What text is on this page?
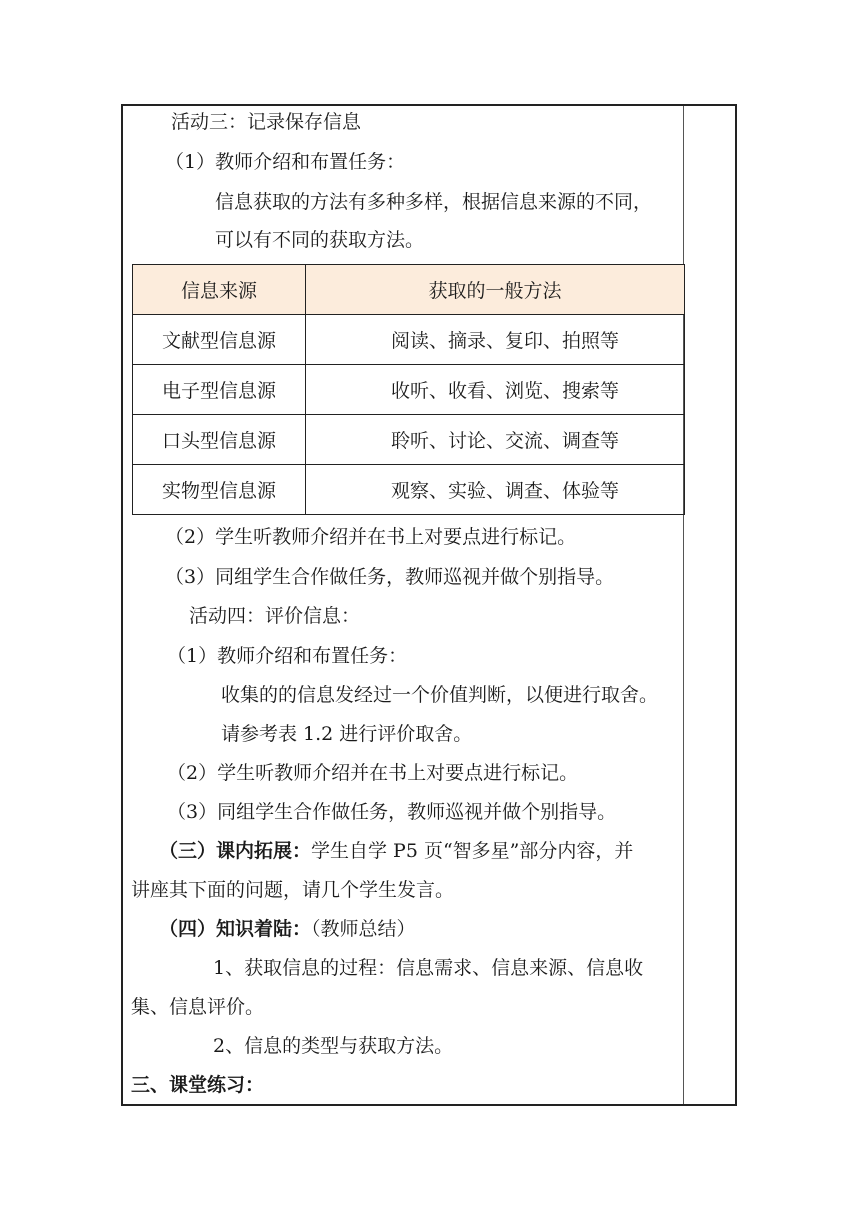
活动三：记录保存信息
（1）教师介绍和布置任务：
信息获取的方法有多种多样，根据信息来源的不同，
可以有不同的获取方法。
信息来源	获取的一般方法
文献型信息源	阅读、摘录、复印、拍照等
电子型信息源	收听、收看、浏览、搜索等
口头型信息源	聆听、讨论、交流、调查等
实物型信息源	观察、实验、调查、体验等
（2）学生听教师介绍并在书上对要点进行标记。
（3）同组学生合作做任务，教师巡视并做个别指导。
活动四：评价信息：
（1）教师介绍和布置任务：
收集的的信息发经过一个价值判断，以便进行取舍。
请参考表 1.2 进行评价取舍。
（2）学生听教师介绍并在书上对要点进行标记。
（3）同组学生合作做任务，教师巡视并做个别指导。
（三）课内拓展：学生自学 P5 页“智多星”部分内容，并
讲座其下面的问题，请几个学生发言。
（四）知识着陆：（教师总结）
1、获取信息的过程：信息需求、信息来源、信息收
集、信息评价。
2、信息的类型与获取方法。
三、课堂练习：
